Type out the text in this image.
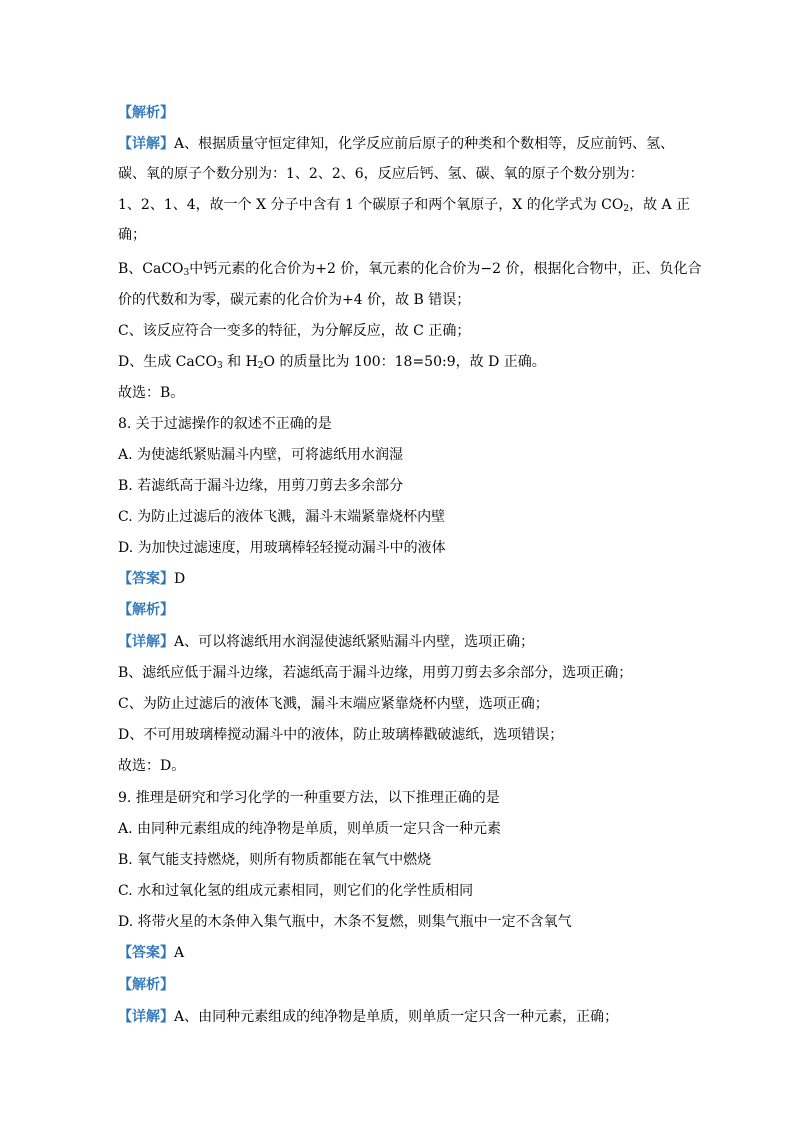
【解析】
【详解】A、根据质量守恒定律知，化学反应前后原子的种类和个数相等，反应前钙、氢、
碳、氧的原子个数分别为：1、2、2、6，反应后钙、氢、碳、氧的原子个数分别为：
1、2、1、4，故一个 X 分子中含有 1 个碳原子和两个氧原子，X 的化学式为 $CO_2$，故 A 正
确；
B、CaCO$_3$中钙元素的化合价为+2 价，氧元素的化合价为−2 价，根据化合物中，正、负化合
价的代数和为零，碳元素的化合价为+4 价，故 B 错误；
C、该反应符合一变多的特征，为分解反应，故 C 正确；
D、生成 CaCO$_3$ 和 $H_2O$ 的质量比为 100：18=50:9，故 D 正确。
故选：B。
8. 关于过滤操作的叙述不正确的是
A. 为使滤纸紧贴漏斗内壁，可将滤纸用水润湿
B. 若滤纸高于漏斗边缘，用剪刀剪去多余部分
C. 为防止过滤后的液体飞溅，漏斗末端紧靠烧杯内壁
D. 为加快过滤速度，用玻璃棒轻轻搅动漏斗中的液体
【答案】D
【解析】
【详解】A、可以将滤纸用水润湿使滤纸紧贴漏斗内壁，选项正确；
B、滤纸应低于漏斗边缘，若滤纸高于漏斗边缘，用剪刀剪去多余部分，选项正确；
C、为防止过滤后的液体飞溅，漏斗末端应紧靠烧杯内壁，选项正确；
D、不可用玻璃棒搅动漏斗中的液体，防止玻璃棒戳破滤纸，选项错误；
故选：D。
9. 推理是研究和学习化学的一种重要方法，以下推理正确的是
A. 由同种元素组成的纯净物是单质，则单质一定只含一种元素
B. 氧气能支持燃烧，则所有物质都能在氧气中燃烧
C. 水和过氧化氢的组成元素相同，则它们的化学性质相同
D. 将带火星的木条伸入集气瓶中，木条不复燃，则集气瓶中一定不含氧气
【答案】A
【解析】
【详解】A、由同种元素组成的纯净物是单质，则单质一定只含一种元素，正确；
